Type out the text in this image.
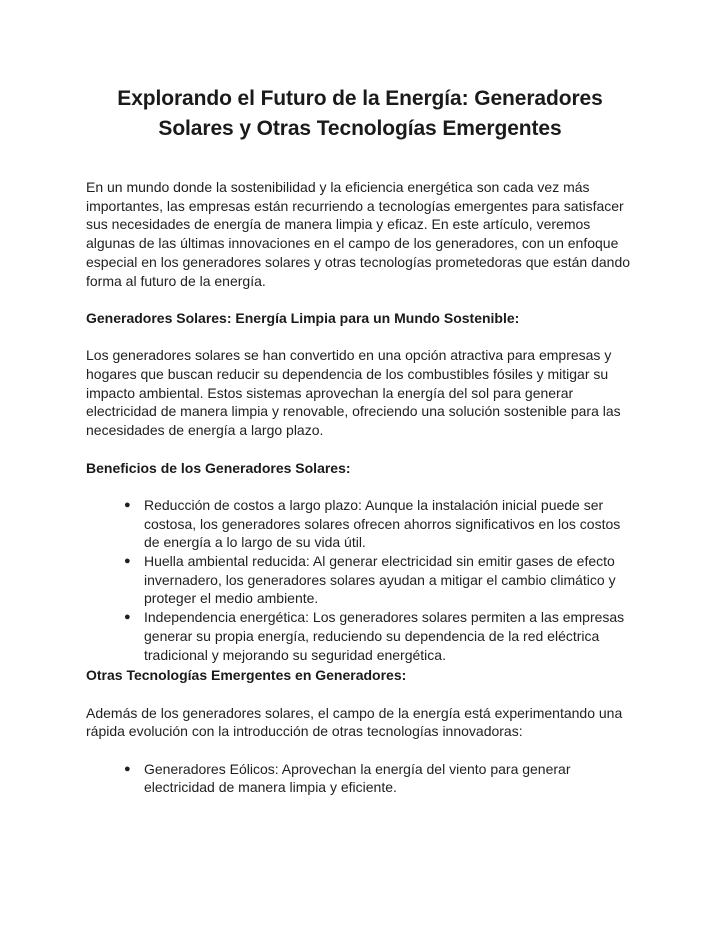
Explorando el Futuro de la Energía: Generadores Solares y Otras Tecnologías Emergentes

En un mundo donde la sostenibilidad y la eficiencia energética son cada vez más importantes, las empresas están recurriendo a tecnologías emergentes para satisfacer sus necesidades de energía de manera limpia y eficaz. En este artículo, veremos algunas de las últimas innovaciones en el campo de los generadores, con un enfoque especial en los generadores solares y otras tecnologías prometedoras que están dando forma al futuro de la energía.

Generadores Solares: Energía Limpia para un Mundo Sostenible:

Los generadores solares se han convertido en una opción atractiva para empresas y hogares que buscan reducir su dependencia de los combustibles fósiles y mitigar su impacto ambiental. Estos sistemas aprovechan la energía del sol para generar electricidad de manera limpia y renovable, ofreciendo una solución sostenible para las necesidades de energía a largo plazo.

Beneficios de los Generadores Solares:

● Reducción de costos a largo plazo: Aunque la instalación inicial puede ser costosa, los generadores solares ofrecen ahorros significativos en los costos de energía a lo largo de su vida útil.
● Huella ambiental reducida: Al generar electricidad sin emitir gases de efecto invernadero, los generadores solares ayudan a mitigar el cambio climático y proteger el medio ambiente.
● Independencia energética: Los generadores solares permiten a las empresas generar su propia energía, reduciendo su dependencia de la red eléctrica tradicional y mejorando su seguridad energética.

Otras Tecnologías Emergentes en Generadores:

Además de los generadores solares, el campo de la energía está experimentando una rápida evolución con la introducción de otras tecnologías innovadoras:

● Generadores Eólicos: Aprovechan la energía del viento para generar electricidad de manera limpia y eficiente.
